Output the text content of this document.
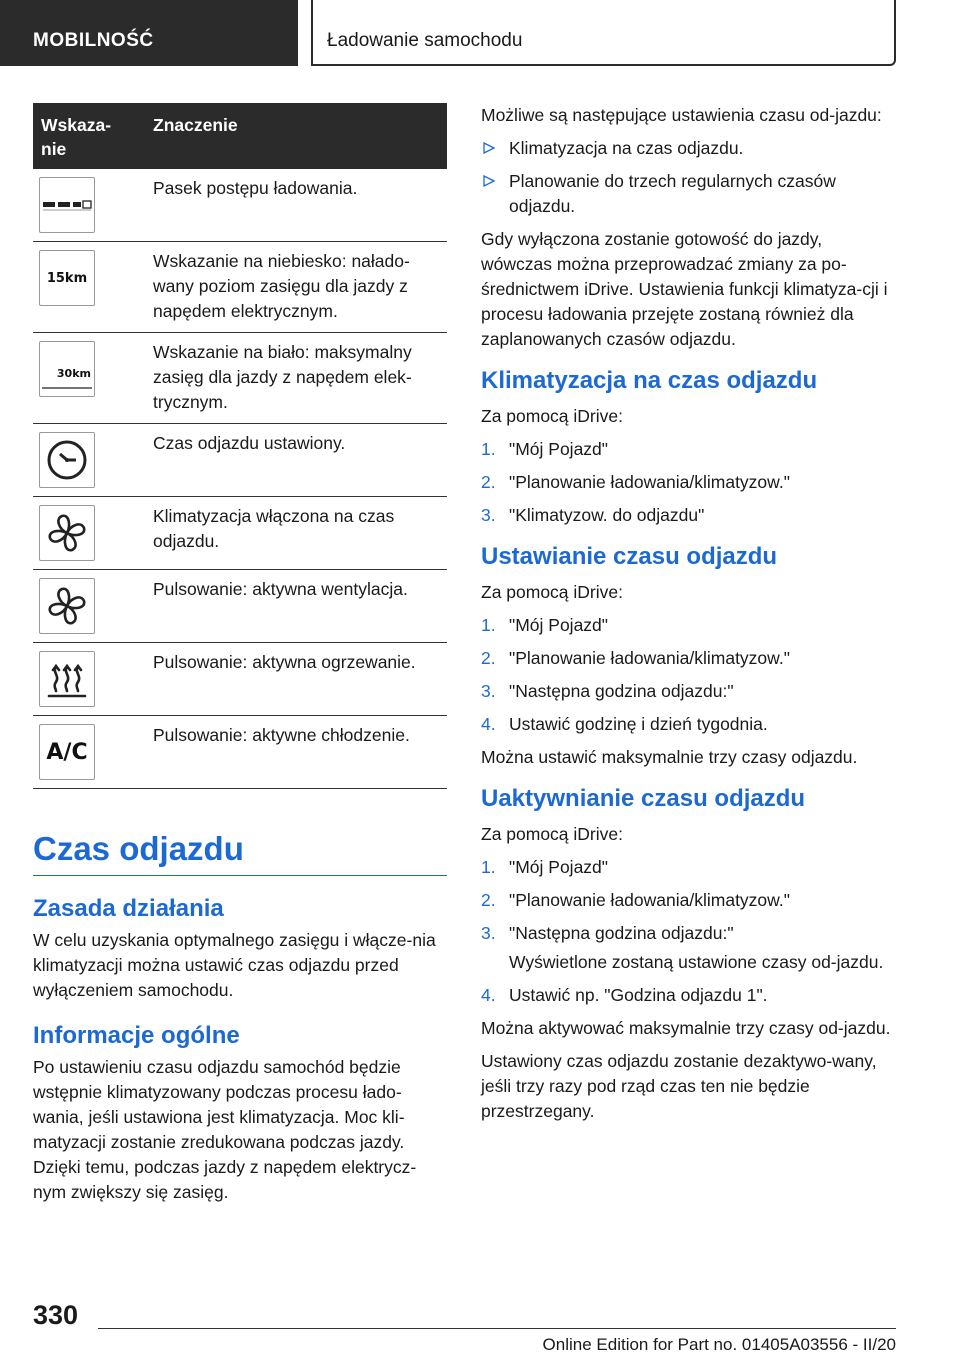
MOBILNOŚĆ	Ładowanie samochodu
Wskaza-
nie	Znaczenie

	Pasek postępu ładowania.

15km	Wskazanie na niebiesko: nałado-wany poziom zasięgu dla jazdy z napędem elektrycznym.

30km	Wskazanie na biało: maksymalny zasięg dla jazdy z napędem elek-trycznym.

	Czas odjazdu ustawiony.

	Klimatyzacja włączona na czas odjazdu.

	Pulsowanie: aktywna wentylacja.

	Pulsowanie: aktywna ogrzewanie.

A/C	Pulsowanie: aktywne chłodzenie.
Czas odjazdu
Zasada działania

W celu uzyskania optymalnego zasięgu i włącze-nia klimatyzacji można ustawić czas odjazdu przed wyłączeniem samochodu.

Informacje ogólne

Po ustawieniu czasu odjazdu samochód będzie wstępnie klimatyzowany podczas procesu łado-wania, jeśli ustawiona jest klimatyzacja. Moc kli-matyzacji zostanie zredukowana podczas jazdy. Dzięki temu, podczas jazdy z napędem elektrycz-nym zwiększy się zasięg.

Możliwe są następujące ustawienia czasu od-jazdu:

Klimatyzacja na czas odjazdu.
Planowanie do trzech regularnych czasów odjazdu.

Gdy wyłączona zostanie gotowość do jazdy, wówczas można przeprowadzać zmiany za po-średnictwem iDrive. Ustawienia funkcji klimatyza-cji i procesu ładowania przejęte zostaną również dla zaplanowanych czasów odjazdu.

Klimatyzacja na czas odjazdu

Za pomocą iDrive:

1. "Mój Pojazd"
2. "Planowanie ładowania/klimatyzow."
3. "Klimatyzow. do odjazdu"
Ustawianie czasu odjazdu

Za pomocą iDrive:

1. "Mój Pojazd"
2. "Planowanie ładowania/klimatyzow."
3. "Następna godzina odjazdu:"
4. Ustawić godzinę i dzień tygodnia.

Można ustawić maksymalnie trzy czasy odjazdu.

Uaktywnianie czasu odjazdu

Za pomocą iDrive:

1. "Mój Pojazd"
2. "Planowanie ładowania/klimatyzow."
3. "Następna godzina odjazdu:"
Wyświetlone zostaną ustawione czasy od-jazdu.
4. Ustawić np. "Godzina odjazdu 1".

Można aktywować maksymalnie trzy czasy od-jazdu.

Ustawiony czas odjazdu zostanie dezaktywo-wany, jeśli trzy razy pod rząd czas ten nie będzie przestrzegany.

330
Online Edition for Part no. 01405A03556 - II/20
